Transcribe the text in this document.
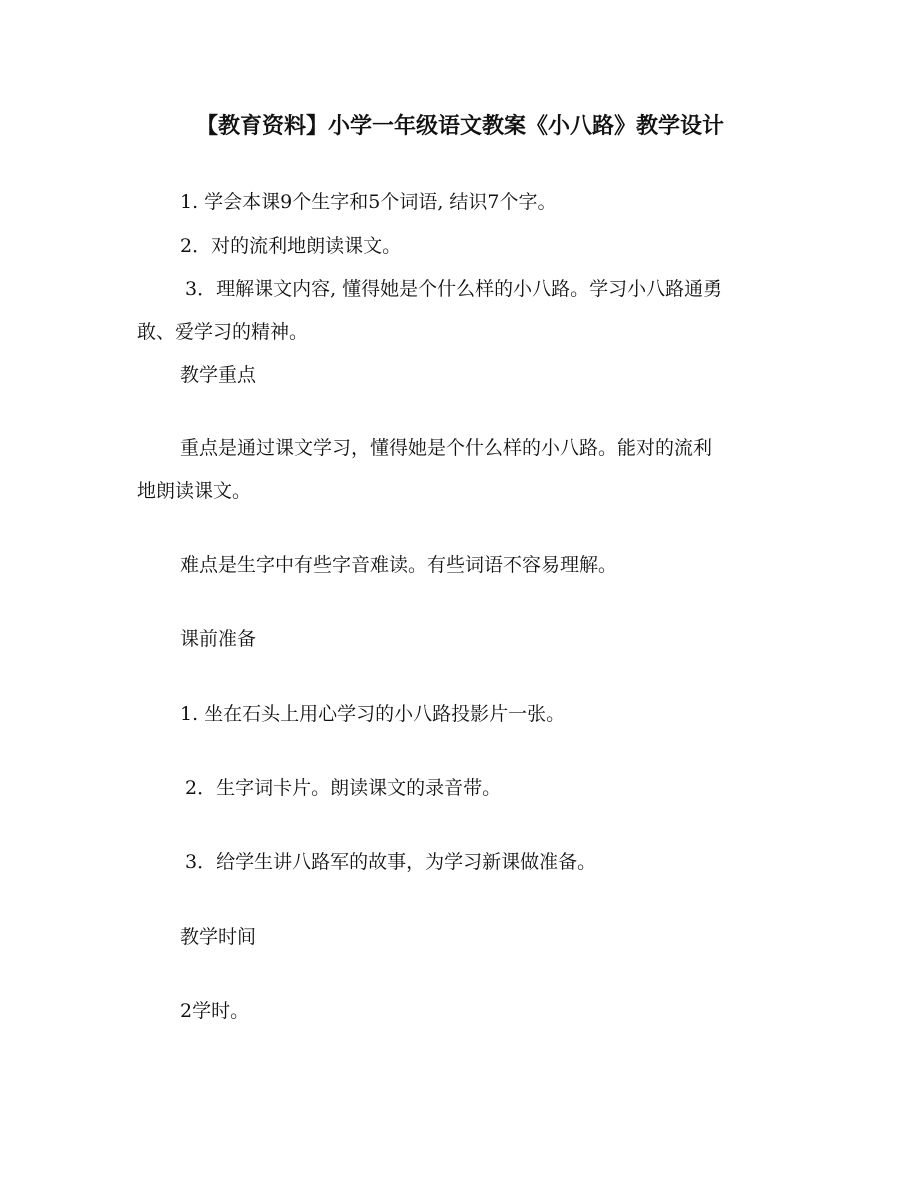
【教育资料】小学一年级语文教案《小八路》教学设计
1. 学会本课9个生字和5个词语, 结识7个字。
2．对的流利地朗读课文。
3．理解课文内容, 懂得她是个什么样的小八路。学习小八路通勇
敢、爱学习的精神。
教学重点
重点是通过课文学习，懂得她是个什么样的小八路。能对的流利
地朗读课文。
难点是生字中有些字音难读。有些词语不容易理解。
课前准备
1. 坐在石头上用心学习的小八路投影片一张。
2．生字词卡片。朗读课文的录音带。
3．给学生讲八路军的故事，为学习新课做准备。
教学时间
2学时。
